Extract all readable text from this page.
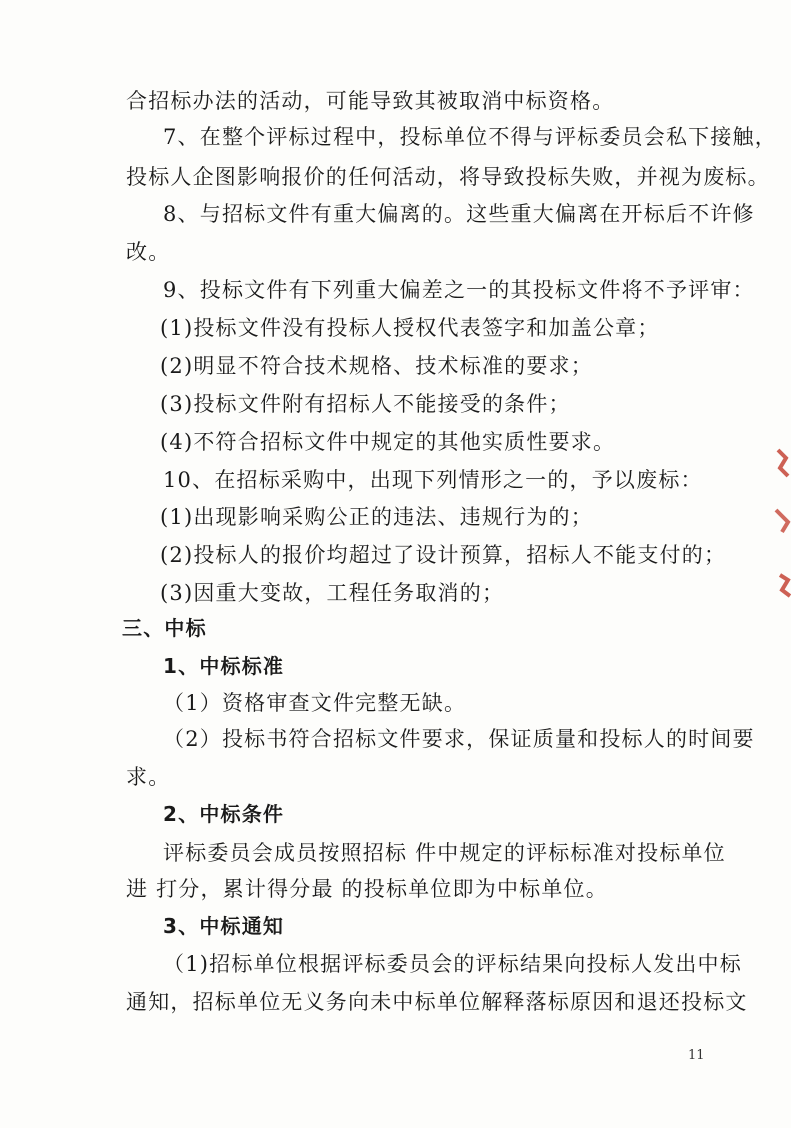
合招标办法的活动，可能导致其被取消中标资格。
7、在整个评标过程中，投标单位不得与评标委员会私下接触，
投标人企图影响报价的任何活动，将导致投标失败，并视为废标。
8、与招标文件有重大偏离的。这些重大偏离在开标后不许修
改。
9、投标文件有下列重大偏差之一的其投标文件将不予评审：
(1)投标文件没有投标人授权代表签字和加盖公章；
(2)明显不符合技术规格、技术标准的要求；
(3)投标文件附有招标人不能接受的条件；
(4)不符合招标文件中规定的其他实质性要求。
10、在招标采购中，出现下列情形之一的，予以废标：
(1)出现影响采购公正的违法、违规行为的；
(2)投标人的报价均超过了设计预算，招标人不能支付的；
(3)因重大变故，工程任务取消的；
三、中标
1、中标标准
（1）资格审查文件完整无缺。
（2）投标书符合招标文件要求，保证质量和投标人的时间要
求。
2、中标条件
评标委员会成员按照招标 件中规定的评标标准对投标单位
进 打分，累计得分最 的投标单位即为中标单位。
3、中标通知
（1)招标单位根据评标委员会的评标结果向投标人发出中标
通知，招标单位无义务向未中标单位解释落标原因和退还投标文
11
